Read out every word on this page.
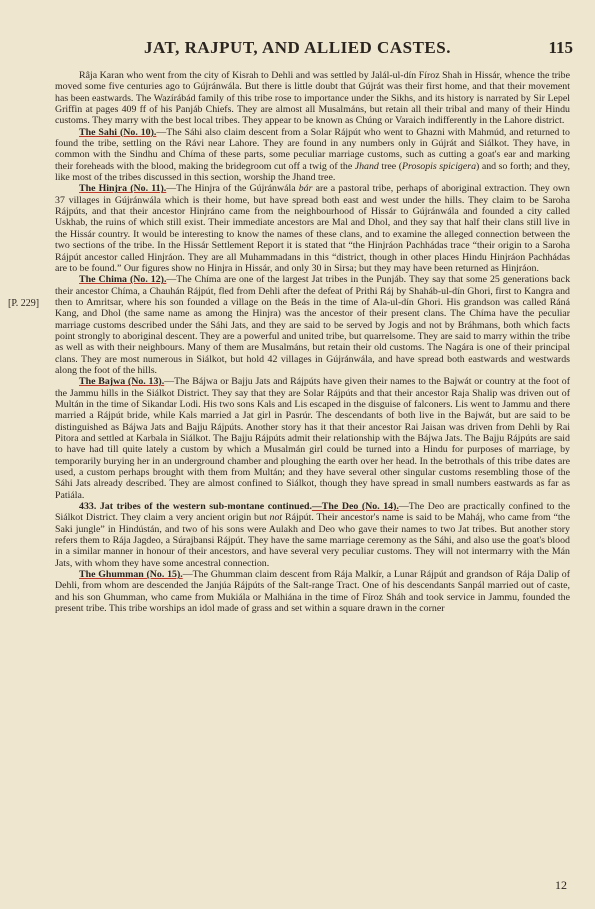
JAT, RAJPUT, AND ALLIED CASTES.	115
[P. 229]

Râja Karan who went from the city of Kisrah to Dehli and was settled by Jalál-ul-dín Fíroz Shah in Hissár, whence the tribe moved some five centuries ago to Gújránwála. But there is little doubt that Gújrát was their first home, and that their movement has been eastwards. The Wazírábád family of this tribe rose to importance under the Sikhs, and its history is narrated by Sir Lepel Griffin at pages 409 ff of his Panjáb Chiefs. They are almost all Musalmáns, but retain all their tribal and many of their Hindu customs. They marry with the best local tribes. They appear to be known as Chúng or Varaich indifferently in the Lahore district.

The Sahi (No. 10).—The Sáhi also claim descent from a Solar Rájpút who went to Ghazni with Mahmúd, and returned to found the tribe, settling on the Rávi near Lahore. They are found in any numbers only in Gújrát and Siálkot. They have, in common with the Sindhu and Chíma of these parts, some peculiar marriage customs, such as cutting a goat's ear and marking their foreheads with the blood, making the bridegroom cut off a twig of the Jhand tree (Prosopis spicigera) and so forth; and they, like most of the tribes discussed in this section, worship the Jhand tree.

The Hinjra (No. 11).—The Hinjra of the Gújránwála bár are a pastoral tribe, perhaps of aboriginal extraction. They own 37 villages in Gújránwála which is their home, but have spread both east and west under the hills. They claim to be Saroha Rájpúts, and that their ancestor Hinjráno came from the neighbourhood of Hissár to Gújránwála and founded a city called Uskhab, the ruins of which still exist. Their immediate ancestors are Mal and Dhol, and they say that half their clans still live in the Hissár country. It would be interesting to know the names of these clans, and to examine the alleged connection between the two sections of the tribe. In the Hissár Settlement Report it is stated that “the Hinjráon Pachhádas trace “their origin to a Saroha Rájpút ancestor called Hinjráon. They are all Muhammadans in this “district, though in other places Hindu Hinjráon Pachhádas are to be found.” Our figures show no Hinjra in Hissár, and only 30 in Sirsa; but they may have been returned as Hinjráon.

The Chima (No. 12).—The Chíma are one of the largest Jat tribes in the Punjáb. They say that some 25 generations back their ancestor Chíma, a Chauhán Rájpút, fled from Dehli after the defeat of Prithi Ráj by Shaháb-ul-dín Ghori, first to Kangra and then to Amritsar, where his son founded a village on the Beás in the time of Ala-ul-dín Ghori. His grandson was called Ráná Kang, and Dhol (the same name as among the Hinjra) was the ancestor of their present clans. The Chíma have the peculiar marriage customs described under the Sáhi Jats, and they are said to be served by Jogis and not by Bráhmans, both which facts point strongly to aboriginal descent. They are a powerful and united tribe, but quarrelsome. They are said to marry within the tribe as well as with their neighbours. Many of them are Musalmáns, but retain their old customs. The Nagára is one of their principal clans. They are most numerous in Siálkot, but hold 42 villages in Gújránwála, and have spread both eastwards and westwards along the foot of the hills.

The Bajwa (No. 13).—The Bájwa or Bajju Jats and Rájpúts have given their names to the Bajwát or country at the foot of the Jammu hills in the Siálkot District. They say that they are Solar Rájpúts and that their ancestor Raja Shalip was driven out of Multán in the time of Sikandar Lodi. His two sons Kals and Lis escaped in the disguise of falconers. Lis went to Jammu and there married a Rájpút bride, while Kals married a Jat girl in Pasrúr. The descendants of both live in the Bajwát, but are said to be distinguished as Bájwa Jats and Bajju Rájpúts. Another story has it that their ancestor Rai Jaisan was driven from Dehli by Rai Pitora and settled at Karbala in Siálkot. The Bajju Rájpúts admit their relationship with the Bájwa Jats. The Bajju Rájpúts are said to have had till quite lately a custom by which a Musalmán girl could be turned into a Hindu for purposes of marriage, by temporarily burying her in an underground chamber and ploughing the earth over her head. In the betrothals of this tribe dates are used, a custom perhaps brought with them from Multán; and they have several other singular customs resembling those of the Sáhi Jats already described. They are almost confined to Siálkot, though they have spread in small numbers eastwards as far as Patiála.

433. Jat tribes of the western sub-montane continued.—The Deo (No. 14).—The Deo are practically confined to the Siálkot District. They claim a very ancient origin but not Rájpút. Their ancestor's name is said to be Maháj, who came from “the Saki jungle” in Hindústán, and two of his sons were Aulakh and Deo who gave their names to two Jat tribes. But another story refers them to Rája Jagdeo, a Súrajbansi Rájpút. They have the same marriage ceremony as the Sáhi, and also use the goat's blood in a similar manner in honour of their ancestors, and have several very peculiar customs. They will not intermarry with the Mán Jats, with whom they have some ancestral connection.

The Ghumman (No. 15).—The Ghumman claim descent from Rája Malkír, a Lunar Rájpút and grandson of Rája Dalip of Dehli, from whom are descended the Janjúa Rájpúts of the Salt-range Tract. One of his descendants Sanpál married out of caste, and his son Ghumman, who came from Mukiála or Malhiána in the time of Fíroz Sháh and took service in Jammu, founded the present tribe. This tribe worships an idol made of grass and set within a square drawn in the corner

12
